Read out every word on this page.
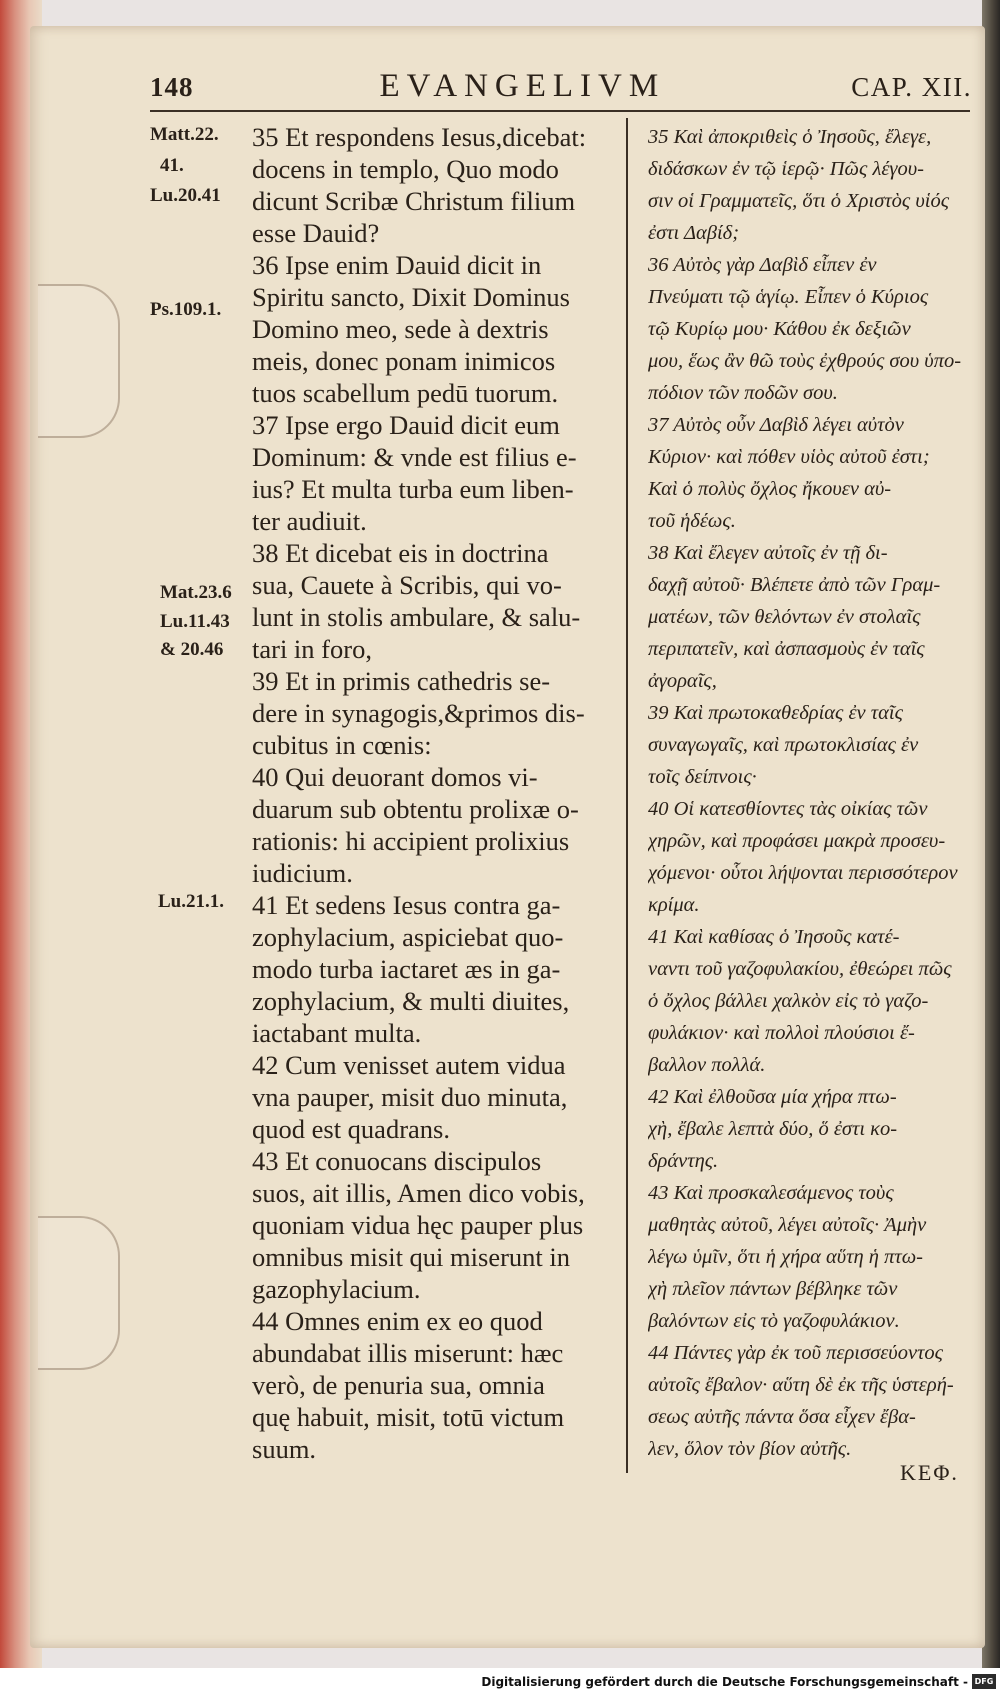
148	EVANGELIVM	CAP. XII.
Matt.22.
41.
Lu.20.41
Ps.109.1.
Mat.23.6
Lu.11.43
& 20.46
Lu.21.1.
35 Et respondens Iesus,dicebat:
docens in templo, Quo modo
dicunt Scribæ Christum filium
esse Dauid?
36 Ipse enim Dauid dicit in
Spiritu sancto, Dixit Dominus
Domino meo, sede à dextris
meis, donec ponam inimicos
tuos scabellum pedū tuorum.
37 Ipse ergo Dauid dicit eum
Dominum: & vnde est filius e-
ius? Et multa turba eum liben-
ter audiuit.
38 Et dicebat eis in doctrina
sua, Cauete à Scribis, qui vo-
lunt in stolis ambulare, & salu-
tari in foro,
39 Et in primis cathedris se-
dere in synagogis,&primos dis-
cubitus in cœnis:
40 Qui deuorant domos vi-
duarum sub obtentu prolixæ o-
rationis: hi accipient prolixius
iudicium.
41 Et sedens Iesus contra ga-
zophylacium, aspiciebat quo-
modo turba iactaret æs in ga-
zophylacium, & multi diuites,
iactabant multa.
42 Cum venisset autem vidua
vna pauper, misit duo minuta,
quod est quadrans.
43 Et conuocans discipulos
suos, ait illis, Amen dico vobis,
quoniam vidua hęc pauper plus
omnibus misit qui miserunt in
gazophylacium.
44 Omnes enim ex eo quod
abundabat illis miserunt: hæc
verò, de penuria sua, omnia
quę habuit, misit, totū victum
suum.
35 Καὶ ἀποκριθεὶς ὁ Ἰησοῦς, ἔλεγε,
διδάσκων ἐν τῷ ἱερῷ· Πῶς λέγου-
σιν οἱ Γραμματεῖς, ὅτι ὁ Χριστὸς υἱός
ἐστι Δαβίδ;
36 Αὐτὸς γὰρ Δαβὶδ εἶπεν ἐν
Πνεύματι τῷ ἁγίῳ. Εἶπεν ὁ Κύριος
τῷ Κυρίῳ μου· Κάθου ἐκ δεξιῶν
μου, ἕως ἂν θῶ τοὺς ἐχθρούς σου ὑπο-
πόδιον τῶν ποδῶν σου.
37 Αὐτὸς οὖν Δαβὶδ λέγει αὐτὸν
Κύριον· καὶ πόθεν υἱὸς αὐτοῦ ἐστι;
Καὶ ὁ πολὺς ὄχλος ἤκουεν αὐ-
τοῦ ἡδέως.
38 Καὶ ἔλεγεν αὐτοῖς ἐν τῇ δι-
δαχῇ αὐτοῦ· Βλέπετε ἀπὸ τῶν Γραμ-
ματέων, τῶν θελόντων ἐν στολαῖς
περιπατεῖν, καὶ ἀσπασμοὺς ἐν ταῖς
ἀγοραῖς,
39 Καὶ πρωτοκαθεδρίας ἐν ταῖς
συναγωγαῖς, καὶ πρωτοκλισίας ἐν
τοῖς δείπνοις·
40 Οἱ κατεσθίοντες τὰς οἰκίας τῶν
χηρῶν, καὶ προφάσει μακρὰ προσευ-
χόμενοι· οὗτοι λήψονται περισσότερον
κρίμα.
41 Καὶ καθίσας ὁ Ἰησοῦς κατέ-
ναντι τοῦ γαζοφυλακίου, ἐθεώρει πῶς
ὁ ὄχλος βάλλει χαλκὸν εἰς τὸ γαζο-
φυλάκιον· καὶ πολλοὶ πλούσιοι ἔ-
βαλλον πολλά.
42 Καὶ ἐλθοῦσα μία χήρα πτω-
χὴ, ἔβαλε λεπτὰ δύο, ὅ ἐστι κο-
δράντης.
43 Καὶ προσκαλεσάμενος τοὺς
μαθητὰς αὐτοῦ, λέγει αὐτοῖς· Ἀμὴν
λέγω ὑμῖν, ὅτι ἡ χήρα αὕτη ἡ πτω-
χὴ πλεῖον πάντων βέβληκε τῶν
βαλόντων εἰς τὸ γαζοφυλάκιον.
44 Πάντες γὰρ ἐκ τοῦ περισσεύοντος
αὐτοῖς ἔβαλον· αὕτη δὲ ἐκ τῆς ὑστερή-
σεως αὐτῆς πάντα ὅσα εἶχεν ἔβα-
λεν, ὅλον τὸν βίον αὐτῆς.
ΚΕΦ.
Digitalisierung gefördert durch die Deutsche Forschungsgemeinschaft - DFG
